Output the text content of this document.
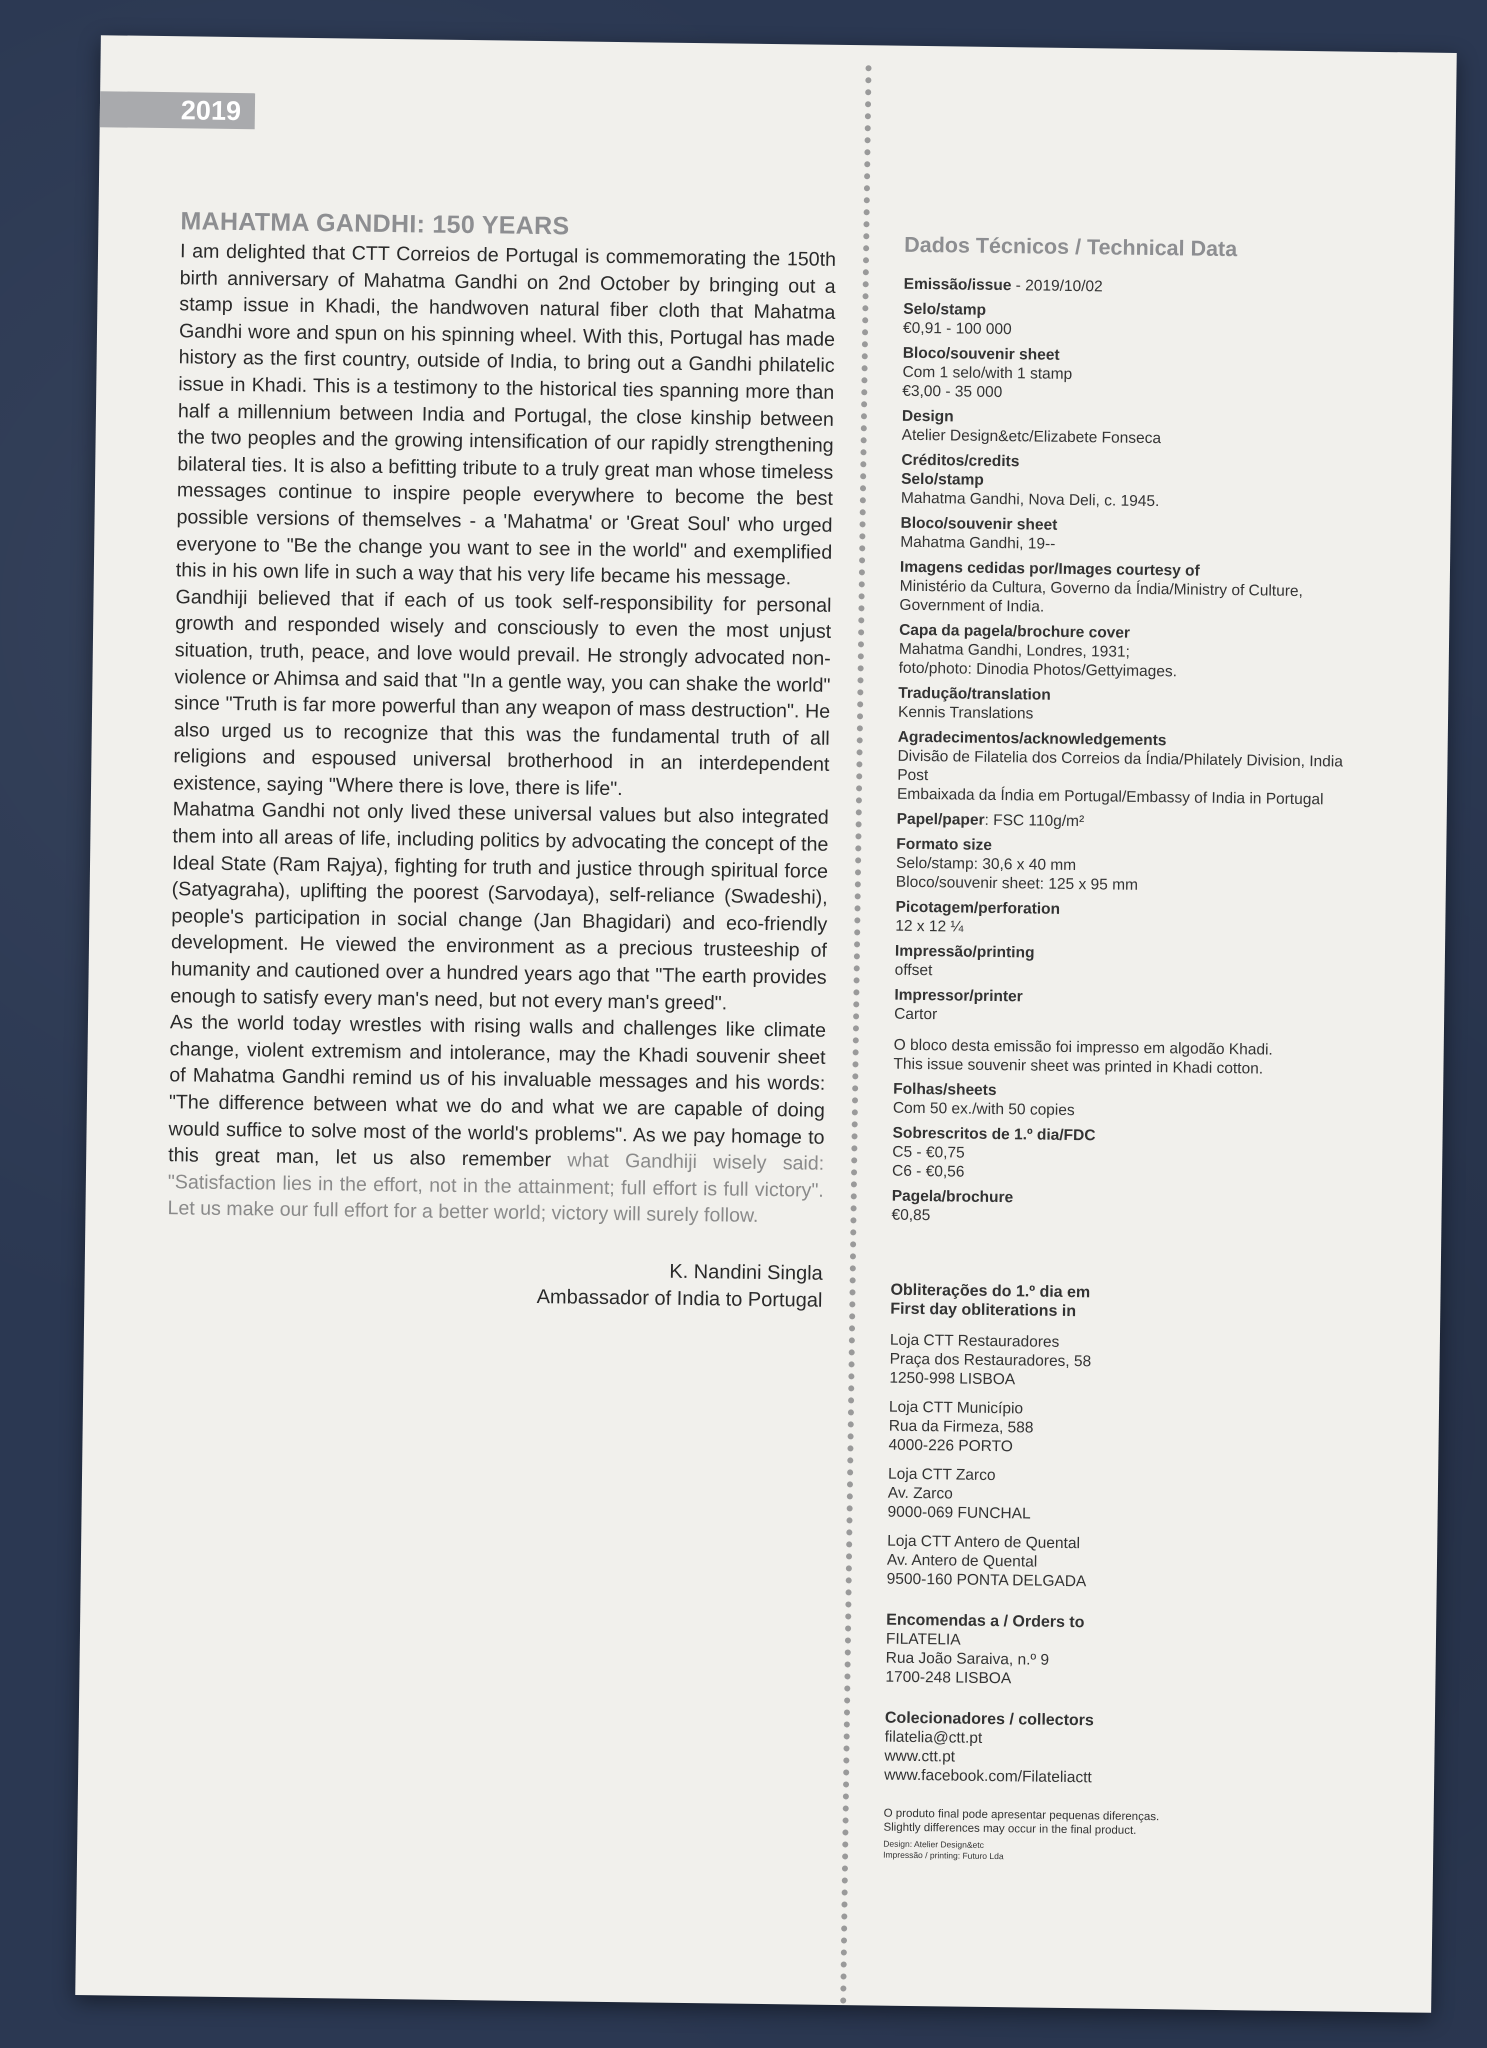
2019
MAHATMA GANDHI: 150 YEARS

I am delighted that CTT Correios de Portugal is commemorating the 150th birth anniversary of Mahatma Gandhi on 2nd October by bringing out a stamp issue in Khadi, the handwoven natural fiber cloth that Mahatma Gandhi wore and spun on his spinning wheel. With this, Portugal has made history as the first country, outside of India, to bring out a Gandhi philatelic issue in Khadi. This is a testimony to the historical ties spanning more than half a millennium between India and Portugal, the close kinship between the two peoples and the growing intensification of our rapidly strengthening bilateral ties. It is also a befitting tribute to a truly great man whose timeless messages continue to inspire people everywhere to become the best possible versions of themselves - a 'Mahatma' or 'Great Soul' who urged everyone to "Be the change you want to see in the world" and exemplified this in his own life in such a way that his very life became his message.

Gandhiji believed that if each of us took self-responsibility for personal growth and responded wisely and consciously to even the most unjust situation, truth, peace, and love would prevail. He strongly advocated non-violence or Ahimsa and said that "In a gentle way, you can shake the world" since "Truth is far more powerful than any weapon of mass destruction". He also urged us to recognize that this was the fundamental truth of all religions and espoused universal brotherhood in an interdependent existence, saying "Where there is love, there is life".

Mahatma Gandhi not only lived these universal values but also integrated them into all areas of life, including politics by advocating the concept of the Ideal State (Ram Rajya), fighting for truth and justice through spiritual force (Satyagraha), uplifting the poorest (Sarvodaya), self-reliance (Swadeshi), people's participation in social change (Jan Bhagidari) and eco-friendly development. He viewed the environment as a precious trusteeship of humanity and cautioned over a hundred years ago that "The earth provides enough to satisfy every man's need, but not every man's greed".

As the world today wrestles with rising walls and challenges like climate change, violent extremism and intolerance, may the Khadi souvenir sheet of Mahatma Gandhi remind us of his invaluable messages and his words: "The difference between what we do and what we are capable of doing would suffice to solve most of the world's problems". As we pay homage to this great man, let us also remember what Gandhiji wisely said: "Satisfaction lies in the effort, not in the attainment; full effort is full victory". Let us make our full effort for a better world; victory will surely follow.

K. Nandini Singla
Ambassador of India to Portugal
Dados Técnicos / Technical Data
Emissão/issue - 2019/10/02
Selo/stamp
€0,91 - 100 000
Bloco/souvenir sheet
Com 1 selo/with 1 stamp
€3,00 - 35 000
Design
Atelier Design&etc/Elizabete Fonseca
Créditos/credits
Selo/stamp
Mahatma Gandhi, Nova Deli, c. 1945.
Bloco/souvenir sheet
Mahatma Gandhi, 19--
Imagens cedidas por/Images courtesy of
Ministério da Cultura, Governo da Índia/Ministry of Culture, Government of India.
Capa da pagela/brochure cover
Mahatma Gandhi, Londres, 1931;
foto/photo: Dinodia Photos/Gettyimages.
Tradução/translation
Kennis Translations
Agradecimentos/acknowledgements
Divisão de Filatelia dos Correios da Índia/Philately Division, India Post
Embaixada da Índia em Portugal/Embassy of India in Portugal
Papel/paper: FSC 110g/m²
Formato size
Selo/stamp: 30,6 x 40 mm
Bloco/souvenir sheet: 125 x 95 mm
Picotagem/perforation
12 x 12 ¼
Impressão/printing
offset
Impressor/printer
Cartor
O bloco desta emissão foi impresso em algodão Khadi.
This issue souvenir sheet was printed in Khadi cotton.
Folhas/sheets
Com 50 ex./with 50 copies
Sobrescritos de 1.º dia/FDC
C5 - €0,75
C6 - €0,56
Pagela/brochure
€0,85
Obliterações do 1.º dia em
First day obliterations in
Loja CTT Restauradores
Praça dos Restauradores, 58
1250-998 LISBOA
Loja CTT Município
Rua da Firmeza, 588
4000-226 PORTO
Loja CTT Zarco
Av. Zarco
9000-069 FUNCHAL
Loja CTT Antero de Quental
Av. Antero de Quental
9500-160 PONTA DELGADA
Encomendas a / Orders to
FILATELIA
Rua João Saraiva, n.º 9
1700-248 LISBOA
Colecionadores / collectors
filatelia@ctt.pt
www.ctt.pt
www.facebook.com/Filateliactt
O produto final pode apresentar pequenas diferenças.
Slightly differences may occur in the final product.
Design: Atelier Design&etc
Impressão / printing: Futuro Lda
